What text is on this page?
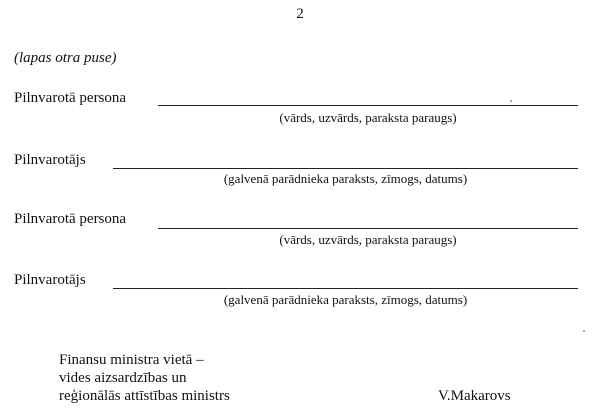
2
(lapas otra puse)
Pilnvarotā persona
(vārds, uzvārds, paraksta paraugs)
Pilnvarotājs
(galvenā parādnieka paraksts, zīmogs, datums)
Pilnvarotā persona
(vārds, uzvārds, paraksta paraugs)
Pilnvarotājs
(galvenā parādnieka paraksts, zīmogs, datums)
Finansu ministra vietā –
vides aizsardzības un
reģionālās attīstības ministrs	V.Makarovs
